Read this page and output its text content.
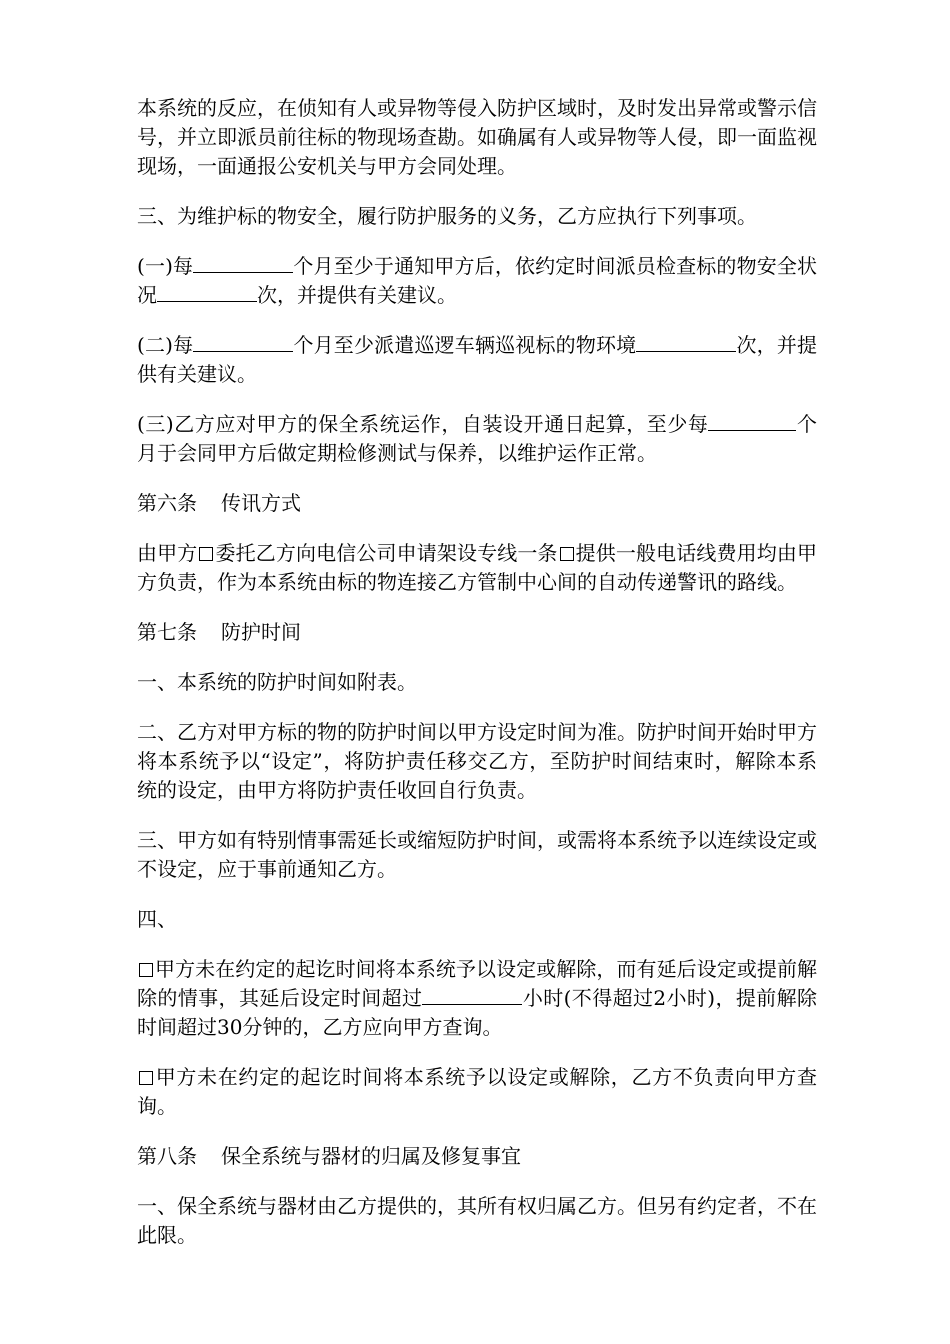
本系统的反应，在侦知有人或异物等侵入防护区域时，及时发出异常或警示信号，并立即派员前往标的物现场查勘。如确属有人或异物等人侵，即一面监视现场，一面通报公安机关与甲方会同处理。

三、为维护标的物安全，履行防护服务的义务，乙方应执行下列事项。

(一)每	个月至少于通知甲方后，依约定时间派员检查标的物安全状况	次，并提供有关建议。

(二)每	个月至少派遣巡逻车辆巡视标的物环境	次，并提供有关建议。

(三)乙方应对甲方的保全系统运作，自装设开通日起算，至少每	个月于会同甲方后做定期检修测试与保养，以维护运作正常。

第六条 传讯方式

由甲方 委托乙方向电信公司申请架设专线一条 提供一般电话线费用均由甲方负责，作为本系统由标的物连接乙方管制中心间的自动传递警讯的路线。

第七条 防护时间

一、本系统的防护时间如附表。

二、乙方对甲方标的物的防护时间以甲方设定时间为准。防护时间开始时甲方将本系统予以“设定”，将防护责任移交乙方，至防护时间结束时，解除本系统的设定，由甲方将防护责任收回自行负责。

三、甲方如有特别情事需延长或缩短防护时间，或需将本系统予以连续设定或不设定，应于事前通知乙方。

四、

甲方未在约定的起讫时间将本系统予以设定或解除，而有延后设定或提前解除的情事，其延后设定时间超过	小时(不得超过2小时)，提前解除时间超过30分钟的，乙方应向甲方查询。

甲方未在约定的起讫时间将本系统予以设定或解除，乙方不负责向甲方查询。

第八条 保全系统与器材的归属及修复事宜

一、保全系统与器材由乙方提供的，其所有权归属乙方。但另有约定者，不在此限。
